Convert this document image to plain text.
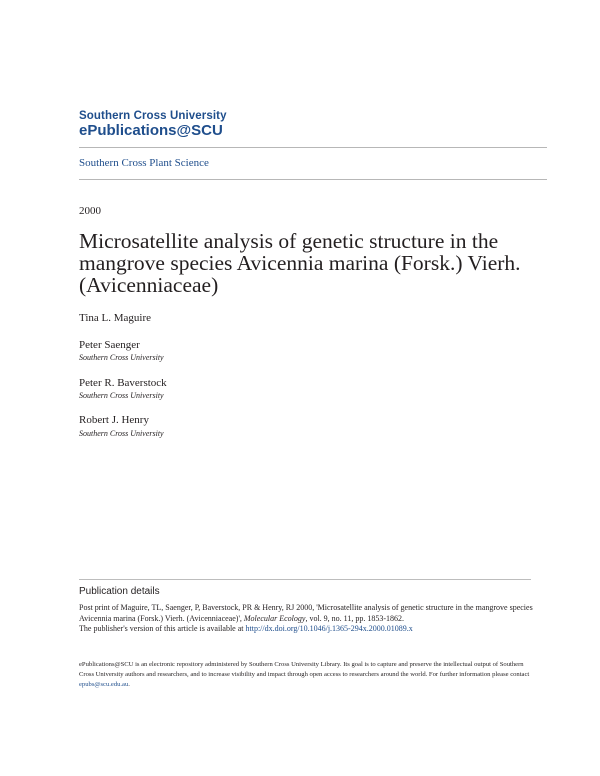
Southern Cross University
ePublications@SCU
Southern Cross Plant Science
2000
Microsatellite analysis of genetic structure in the mangrove species Avicennia marina (Forsk.) Vierh. (Avicenniaceae)
Tina L. Maguire
Peter Saenger
Southern Cross University
Peter R. Baverstock
Southern Cross University
Robert J. Henry
Southern Cross University
Publication details
Post print of Maguire, TL, Saenger, P, Baverstock, PR & Henry, RJ 2000, 'Microsatellite analysis of genetic structure in the mangrove species Avicennia marina (Forsk.) Vierh. (Avicenniaceae)', Molecular Ecology, vol. 9, no. 11, pp. 1853-1862.
The publisher's version of this article is available at http://dx.doi.org/10.1046/j.1365-294x.2000.01089.x
ePublications@SCU is an electronic repository administered by Southern Cross University Library. Its goal is to capture and preserve the intellectual output of Southern Cross University authors and researchers, and to increase visibility and impact through open access to researchers around the world. For further information please contact epubs@scu.edu.au.
